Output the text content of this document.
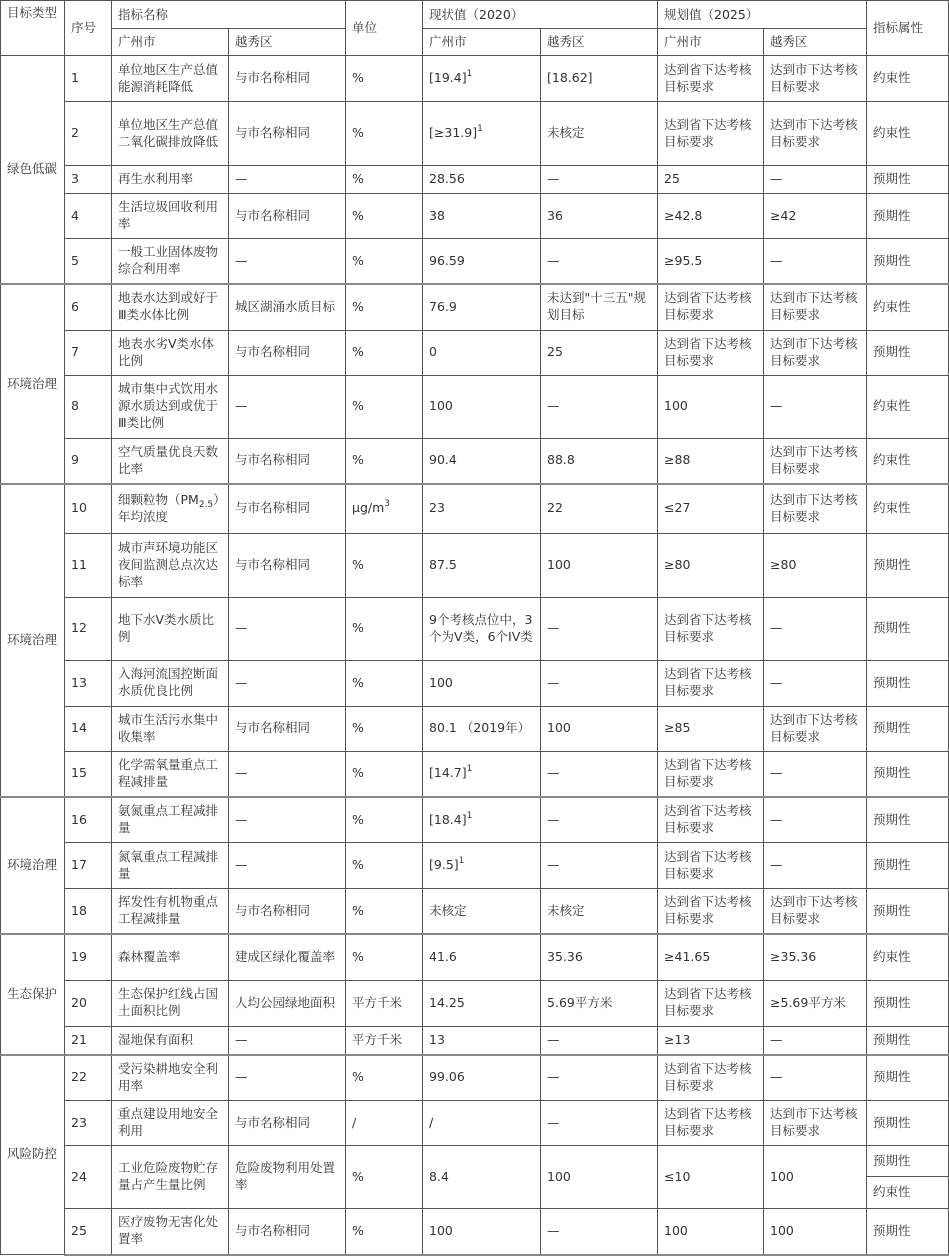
目标类型	序号	指标名称		单位	现状值（2020）		规划值（2025）		指标属性
		广州市	越秀区		广州市	越秀区	广州市	越秀区	
绿色低碳	1	单位地区生产总值能源消耗降低	与市名称相同	%	$[19.4]^1$	[18.62]	达到省下达考核目标要求	达到市下达考核目标要求	约束性
	2	单位地区生产总值二氧化碳排放降低	与市名称相同	%	[≥31.9]$^1$	未核定	达到省下达考核目标要求	达到市下达考核目标要求	约束性
	3	再生水利用率	—	%	28.56	—	25	—	预期性
	4	生活垃圾回收利用率	与市名称相同	%	38	36	≥42.8	≥42	预期性
	5	一般工业固体废物综合利用率	—	%	96.59	—	≥95.5	—	预期性
环境治理	6	地表水达到或好于Ⅲ类水体比例	城区湖涌水质目标	%	76.9	未达到"十三五"规划目标	达到省下达考核目标要求	达到市下达考核目标要求	约束性
	7	地表水劣Ⅴ类水体比例	与市名称相同	%	0	25	达到省下达考核目标要求	达到市下达考核目标要求	预期性
	8	城市集中式饮用水源水质达到或优于Ⅲ类比例	—	%	100	—	100	—	约束性
	9	空气质量优良天数比率	与市名称相同	%	90.4	88.8	≥88	达到市下达考核目标要求	约束性
环境治理	10	细颗粒物$(PM_{2.5})$年均浓度	与市名称相同	$\mu g/m^3$	23	22	≤27	达到市下达考核目标要求	约束性
	11	城市声环境功能区夜间监测总点次达标率	与市名称相同	%	87.5	100	≥80	≥80	预期性
	12	地下水Ⅴ类水质比例	—	%	9个考核点位中，3个为Ⅴ类，6个IV类	—	达到省下达考核目标要求	—	预期性
	13	入海河流国控断面水质优良比例	—	%	100	—	达到省下达考核目标要求	—	预期性
	14	城市生活污水集中收集率	与市名称相同	%	80.1 （2019年）	100	≥85	达到市下达考核目标要求	预期性
	15	化学需氧量重点工程减排量	—	%	$[14.7]^1$	—	达到省下达考核目标要求	—	预期性
环境治理	16	氨氮重点工程减排量	—	%	$[18.4]^1$	—	达到省下达考核目标要求	—	预期性
	17	氮氧重点工程减排量	—	%	$[9.5]^1$	—	达到省下达考核目标要求	—	预期性
	18	挥发性有机物重点工程减排量	与市名称相同	%	未核定	未核定	达到省下达考核目标要求	达到市下达考核目标要求	预期性
生态保护	19	森林覆盖率	建成区绿化覆盖率	%	41.6	35.36	≥41.65	≥35.36	约束性
	20	生态保护红线占国土面积比例	人均公园绿地面积	平方千米	14.25	5.69平方米	达到省下达考核目标要求	≥5.69平方米	预期性
	21	湿地保有面积	—	平方千米	13	—	≥13	—	预期性
风险防控	22	受污染耕地安全利用率	—	%	99.06	—	达到省下达考核目标要求	—	预期性
	23	重点建设用地安全利用	与市名称相同	/	/	—	达到省下达考核目标要求	达到市下达考核目标要求	预期性
	24	工业危险废物贮存量占产生量比例	危险废物利用处置率	%	8.4	100	≤10	100	预期性
									约束性
	25	医疗废物无害化处置率	与市名称相同	%	100	—	100	100	预期性
